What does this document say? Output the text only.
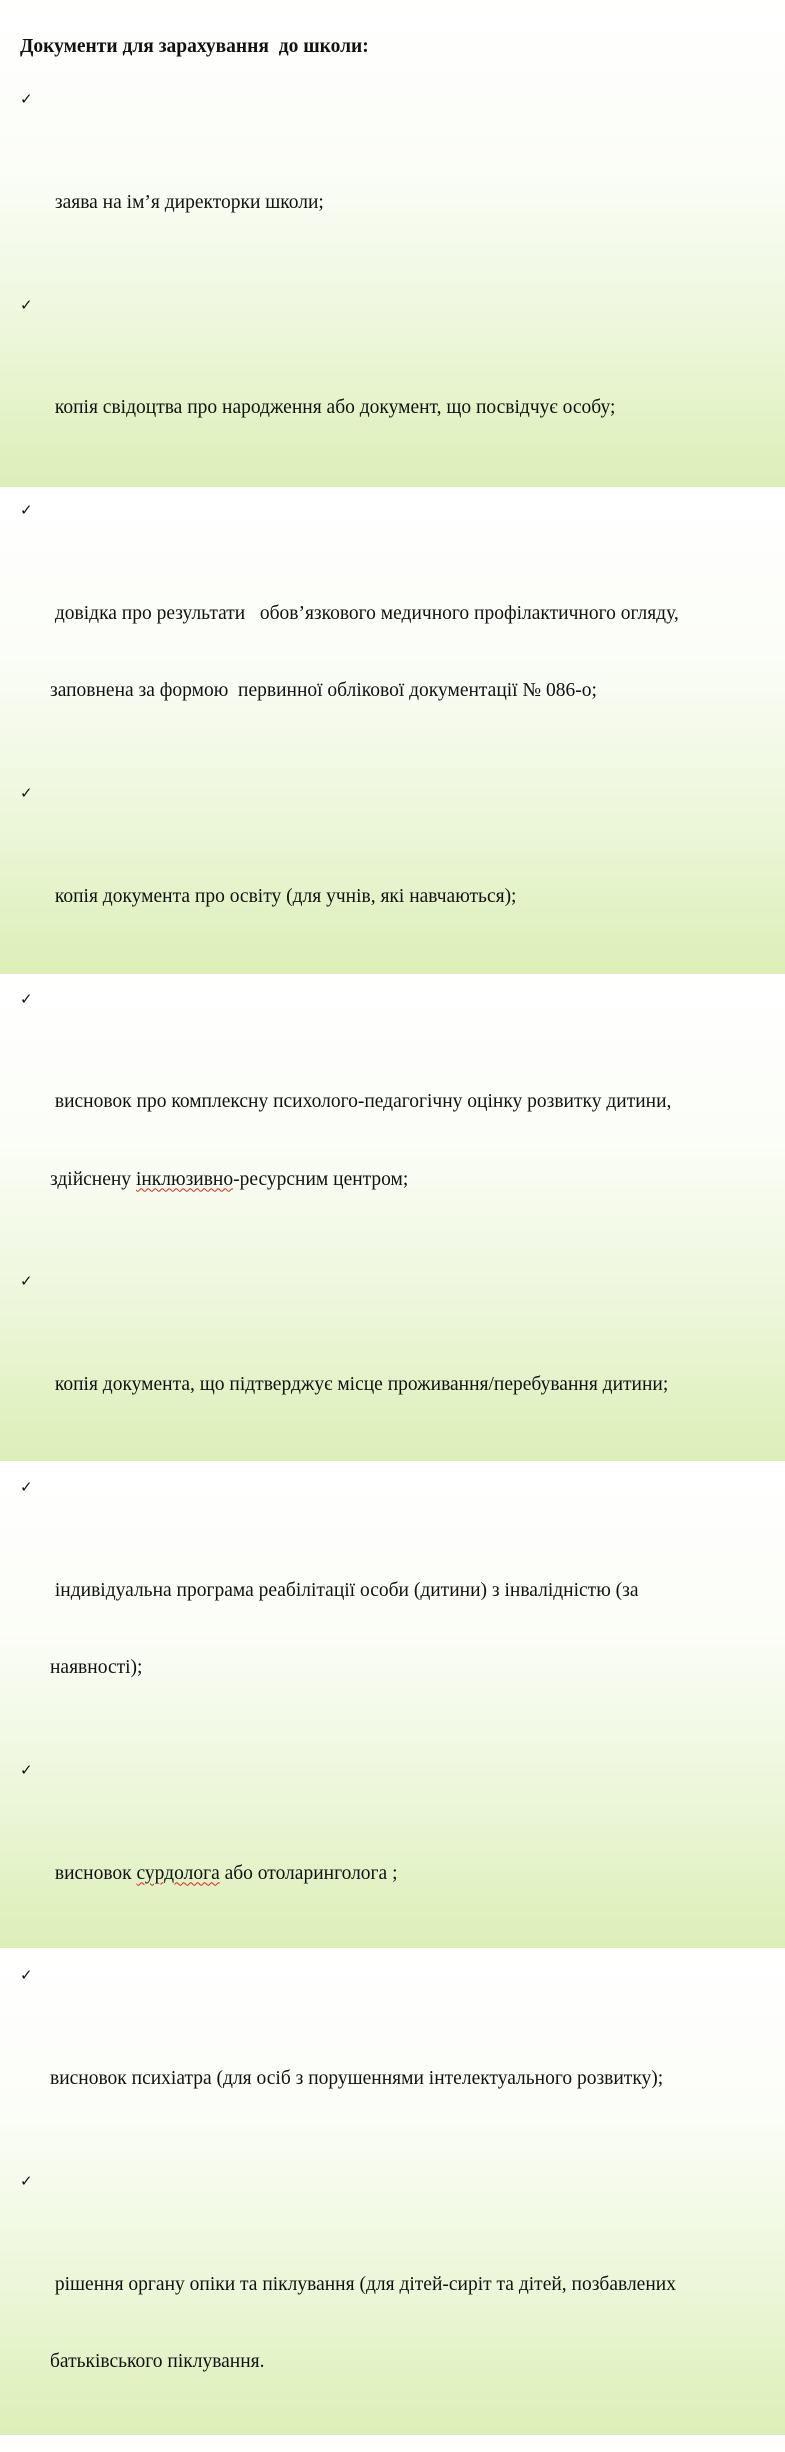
Документи для зарахування  до школи:

✓

заява на ім’я директорки школи;

✓

копія свідоцтва про народження або документ, що посвідчує особу;

✓

довідка про результати   обов’язкового медичного профілактичного огляду,

заповнена за формою  первинної облікової документації № 086-о;

✓

копія документа про освіту (для учнів, які навчаються);

✓

висновок про комплексну психолого-педагогічну оцінку розвитку дитини,

здійснену інклюзивно-ресурсним центром;

✓

копія документа, що підтверджує місце проживання/перебування дитини;

✓

індивідуальна програма реабілітації особи (дитини) з інвалідністю (за

наявності);

✓

висновок сурдолога або отоларинголога ;

✓

висновок психіатра (для осіб з порушеннями інтелектуального розвитку);

✓

рішення органу опіки та піклування (для дітей-сиріт та дітей, позбавлених

батьківського піклування.
